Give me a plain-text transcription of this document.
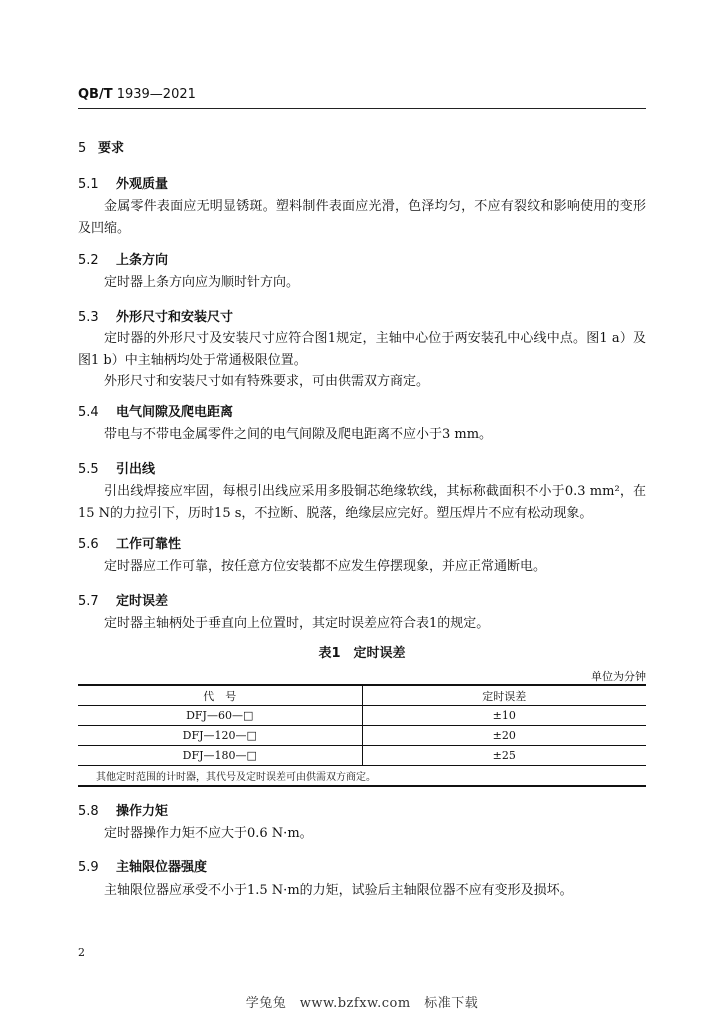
QB/T 1939—2021
5 要求
5.1 外观质量
金属零件表面应无明显锈斑。塑料制件表面应光滑，色泽均匀，不应有裂纹和影响使用的变形及凹缩。
5.2 上条方向
定时器上条方向应为顺时针方向。
5.3 外形尺寸和安装尺寸
定时器的外形尺寸及安装尺寸应符合图1规定，主轴中心位于两安装孔中心线中点。图1 a）及图1 b）中主轴柄均处于常通极限位置。
外形尺寸和安装尺寸如有特殊要求，可由供需双方商定。
5.4 电气间隙及爬电距离
带电与不带电金属零件之间的电气间隙及爬电距离不应小于3 mm。
5.5 引出线
引出线焊接应牢固，每根引出线应采用多股铜芯绝缘软线，其标称截面积不小于0.3 mm²，在15 N的力拉引下，历时15 s，不拉断、脱落，绝缘层应完好。塑压焊片不应有松动现象。
5.6 工作可靠性
定时器应工作可靠，按任意方位安装都不应发生停摆现象，并应正常通断电。
5.7 定时误差
定时器主轴柄处于垂直向上位置时，其定时误差应符合表1的规定。
表1　定时误差
单位为分钟
代　号	定时误差
DFJ—60—□	±10
DFJ—120—□	±20
DFJ—180—□	±25
其他定时范围的计时器，其代号及定时误差可由供需双方商定。	
5.8 操作力矩
定时器操作力矩不应大于0.6 N·m。
5.9 主轴限位器强度
主轴限位器应承受不小于1.5 N·m的力矩，试验后主轴限位器不应有变形及损坏。
2
学兔兔　www.bzfxw.com　标准下载
